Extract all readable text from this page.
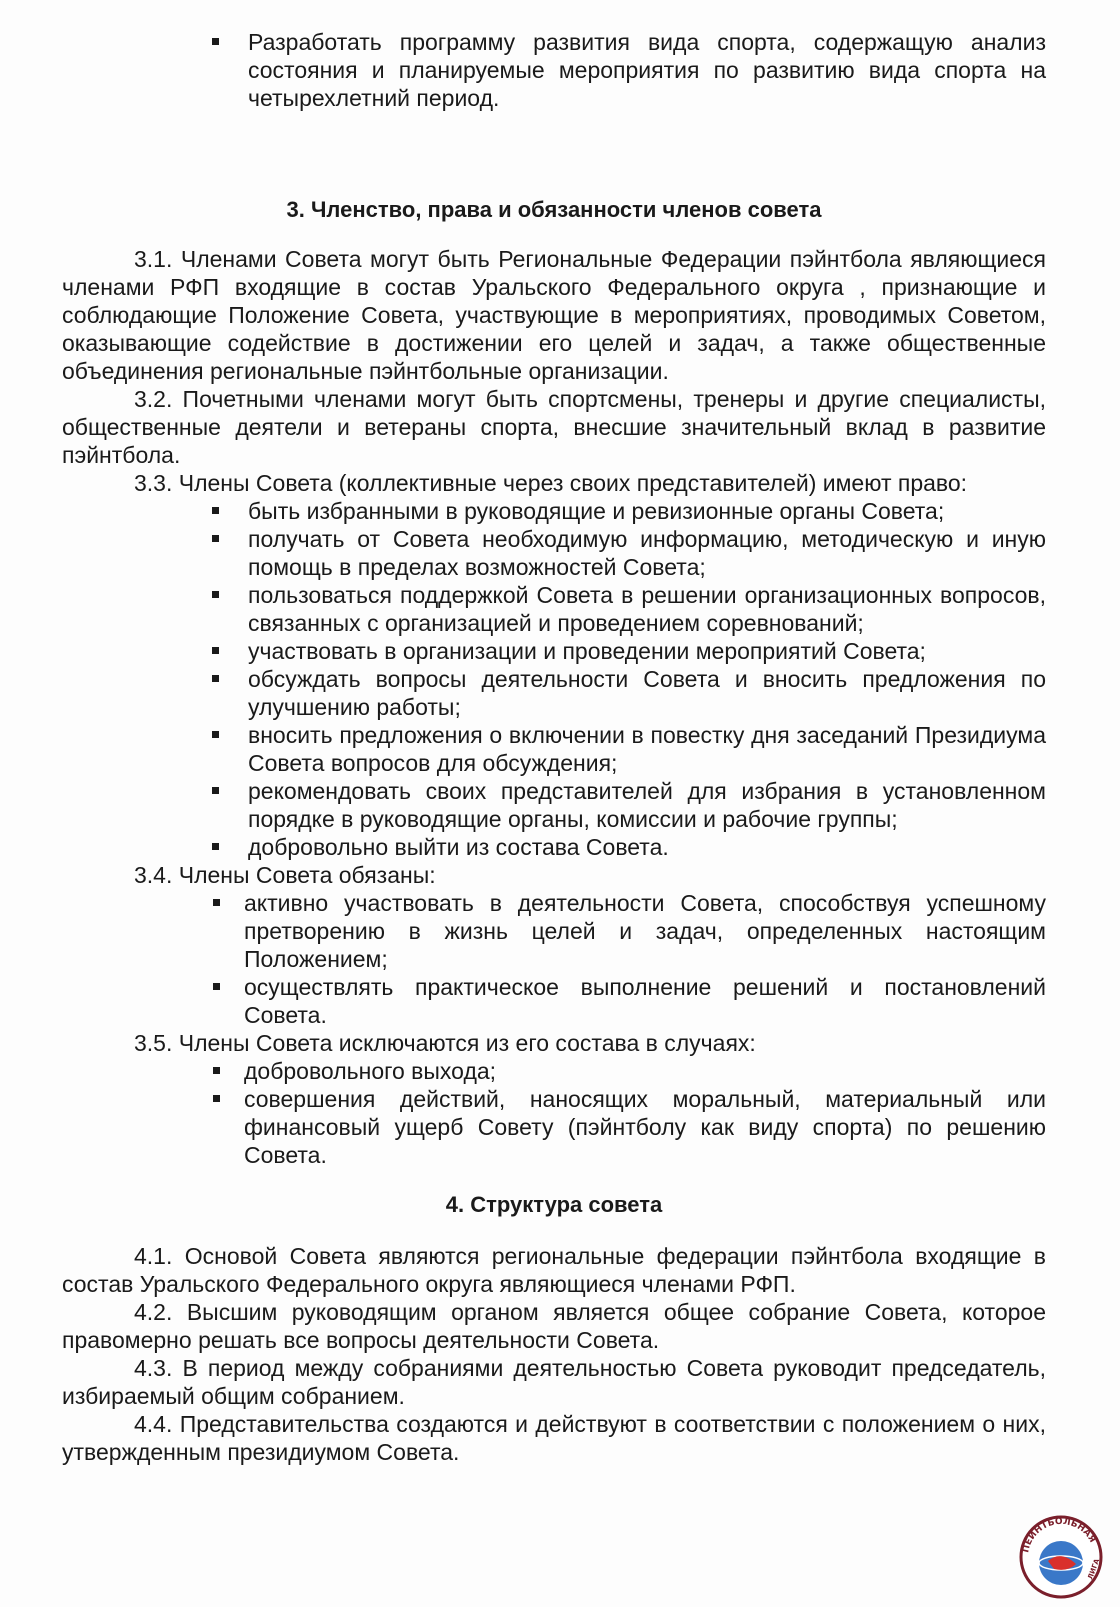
Разработать программу развития вида спорта, содержащую анализ состояния и планируемые мероприятия по развитию вида спорта на четырехлетний период.
3. Членство, права и обязанности членов совета
3.1. Членами Совета могут быть Региональные Федерации пэйнтбола являющиеся членами РФП входящие в состав Уральского Федерального округа , признающие и соблюдающие Положение Совета, участвующие в мероприятиях, проводимых Советом, оказывающие содействие в достижении его целей и задач, а также общественные объединения региональные пэйнтбольные организации.
3.2. Почетными членами могут быть спортсмены, тренеры и другие специалисты, общественные деятели и ветераны спорта, внесшие значительный вклад в развитие пэйнтбола.
3.3. Члены Совета (коллективные через своих представителей) имеют право:
быть избранными в руководящие и ревизионные органы Совета;
получать от Совета необходимую информацию, методическую и иную помощь в пределах возможностей Совета;
пользоваться поддержкой Совета в решении организационных вопросов, связанных с организацией и проведением соревнований;
участвовать в организации и проведении мероприятий Совета;
обсуждать вопросы деятельности Совета и вносить предложения по улучшению работы;
вносить предложения о включении в повестку дня заседаний Президиума Совета вопросов для обсуждения;
рекомендовать своих представителей для избрания в установленном порядке в руководящие органы, комиссии и рабочие группы;
добровольно выйти из состава Совета.
3.4. Члены Совета обязаны:
активно участвовать в деятельности Совета, способствуя успешному претворению в жизнь целей и задач, определенных настоящим Положением;
осуществлять практическое выполнение решений и постановлений Совета.
3.5. Члены Совета исключаются из его состава в случаях:
добровольного выхода;
совершения действий, наносящих моральный, материальный или финансовый ущерб Совету (пэйнтболу как виду спорта) по решению Совета.
4. Структура совета
4.1. Основой Совета являются региональные федерации пэйнтбола входящие в состав Уральского Федерального округа являющиеся членами РФП.
4.2. Высшим руководящим органом является общее собрание Совета, которое правомерно решать все вопросы деятельности Совета.
4.3. В период между собраниями деятельностью Совета руководит председатель, избираемый общим собранием.
4.4. Представительства создаются и действуют в соответствии с положением о них, утвержденным президиумом Совета.
ПЕЙНТБОЛЬНАЯ
ЛИГА
